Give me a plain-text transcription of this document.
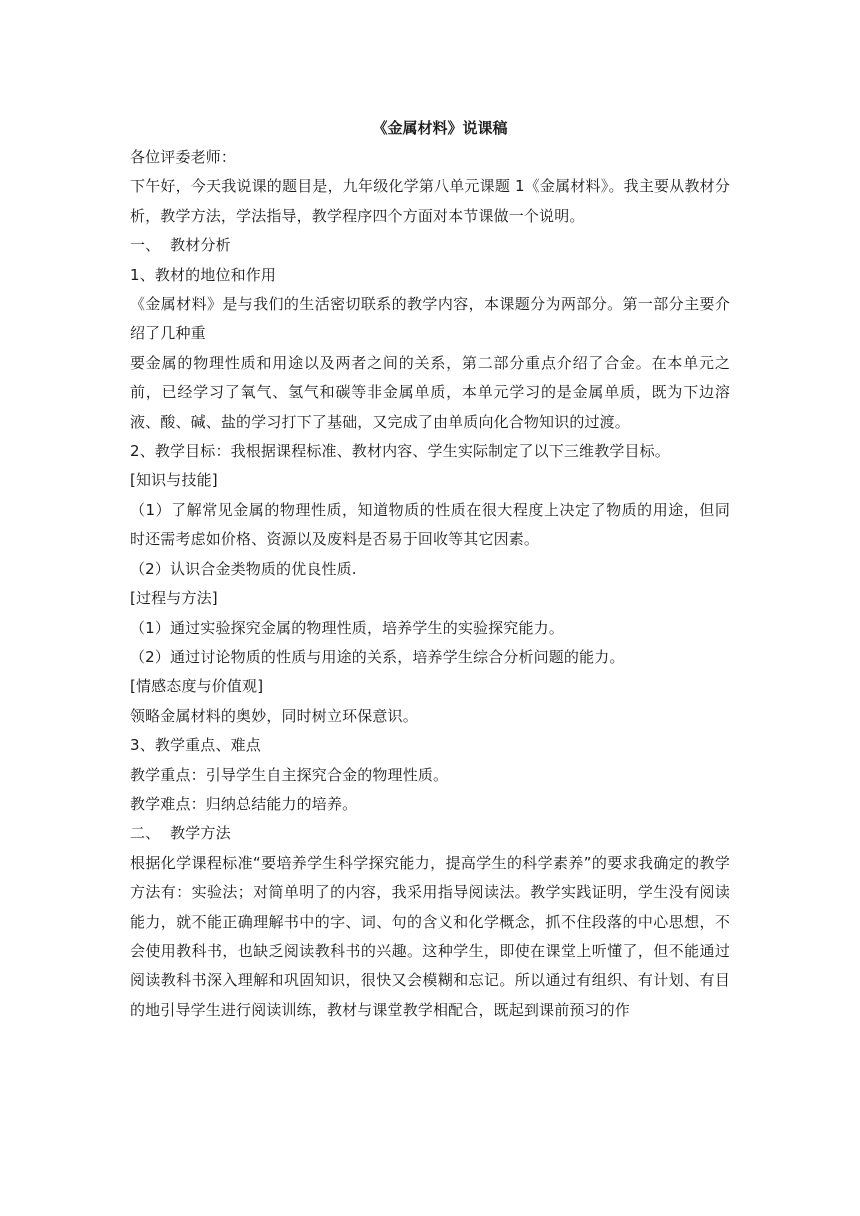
《金属材料》说课稿

各位评委老师：

下午好，今天我说课的题目是，九年级化学第八单元课题 1《金属材料》。我主要从教材分析，教学方法，学法指导，教学程序四个方面对本节课做一个说明。

一、  教材分析

1、教材的地位和作用

《金属材料》是与我们的生活密切联系的教学内容，本课题分为两部分。第一部分主要介绍了几种重

要金属的物理性质和用途以及两者之间的关系，第二部分重点介绍了合金。在本单元之前，已经学习了氧气、氢气和碳等非金属单质，本单元学习的是金属单质，既为下边溶液、酸、碱、盐的学习打下了基础，又完成了由单质向化合物知识的过渡。

2、教学目标：我根据课程标准、教材内容、学生实际制定了以下三维教学目标。

[知识与技能]

（1）了解常见金属的物理性质，知道物质的性质在很大程度上决定了物质的用途，但同时还需考虑如价格、资源以及废料是否易于回收等其它因素。

（2）认识合金类物质的优良性质.

[过程与方法]

（1）通过实验探究金属的物理性质，培养学生的实验探究能力。

（2）通过讨论物质的性质与用途的关系，培养学生综合分析问题的能力。

[情感态度与价值观]

领略金属材料的奥妙，同时树立环保意识。

3、教学重点、难点

教学重点：引导学生自主探究合金的物理性质。

教学难点：归纳总结能力的培养。

二、  教学方法

根据化学课程标准“要培养学生科学探究能力，提高学生的科学素养”的要求我确定的教学方法有：实验法；对简单明了的内容，我采用指导阅读法。教学实践证明，学生没有阅读能力，就不能正确理解书中的字、词、句的含义和化学概念，抓不住段落的中心思想，不会使用教科书，也缺乏阅读教科书的兴趣。这种学生，即使在课堂上听懂了，但不能通过阅读教科书深入理解和巩固知识，很快又会模糊和忘记。所以通过有组织、有计划、有目的地引导学生进行阅读训练，教材与课堂教学相配合，既起到课前预习的作
